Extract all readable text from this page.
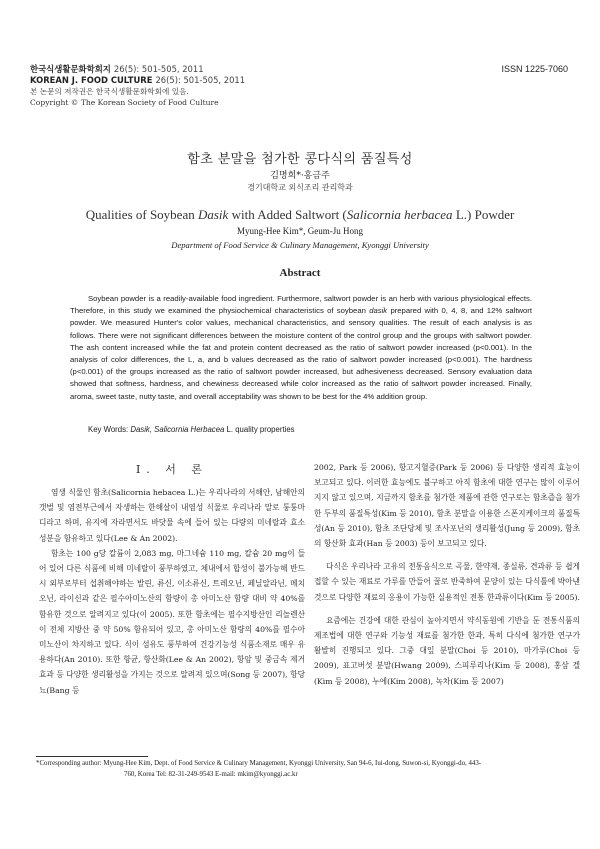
한국식생활문화학회지 26(5): 501-505, 2011
KOREAN J. FOOD CULTURE 26(5): 501-505, 2011
본 논문의 저작권은 한국식생활문화학회에 있음.
Copyright © The Korean Society of Food Culture
ISSN 1225-7060
함초 분말을 첨가한 콩다식의 품질특성
김명희*·홍금주
경기대학교 외식조리 관리학과
Qualities of Soybean Dasik with Added Saltwort (Salicornia herbacea L.) Powder
Myung-Hee Kim*, Geum-Ju Hong
Department of Food Service & Culinary Management, Kyonggi University
Abstract

Soybean powder is a readily-available food ingredient. Furthermore, saltwort powder is an herb with various physiological effects. Therefore, in this study we examined the physiochemical characteristics of soybean dasik prepared with 0, 4, 8, and 12% saltwort powder. We measured Hunter's color values, mechanical characteristics, and sensory qualities. The result of each analysis is as follows. There were not significant differences between the moisture content of the control group and the groups with saltwort powder. The ash content increased while the fat and protein content decreased as the ratio of saltwort powder increased (p<0.001). In the analysis of color differences, the L, a, and b values decreased as the ratio of saltwort powder increased (p<0.001). The hardness (p<0.001) of the groups increased as the ratio of saltwort powder increased, but adhesiveness decreased. Sensory evaluation data showed that softness, hardness, and chewiness decreased while color increased as the ratio of saltwort powder increased. Finally, aroma, sweet taste, nutty taste, and overall acceptability was shown to be best for the 4% addition group.

Key Words: Dasik, Salicornia Herbacea L. quality properties
I. 서 론

염생 식물인 함초(Salicornia hebacea L.)는 우리나라의 서해안, 남해안의 갯벌 및 염전부근에서 자생하는 한해살이 내염성 식물로 우리나라 말로 퉁퉁마디라고 하며, 유지에 자라면서도 바닷물 속에 들어 있는 다량의 미네랄과 효소 성분을 함유하고 있다(Lee & An 2002).

함초는 100 g당 칼륨이 2,083 mg, 마그네슘 110 mg, 칼슘 20 mg이 들어 있어 다른 식품에 비해 미네랄이 풍부하였고, 체내에서 합성이 불가능해 반드시 외부로부터 섭취해야하는 발린, 류신, 이소류신, 트레오닌, 페닐알라닌, 메치오닌, 라이신과 같은 필수아미노산의 함량이 총 아미노산 함량 대비 약 40%를 함유한 것으로 알려지고 있다(이 2005). 또한 함초에는 필수지방산인 리놀렌산이 전체 지방산 중 약 50% 함유되어 있고, 총 아미노산 함량의 40%를 필수아미노산이 차지하고 있다. 식이 섬유도 풍부하여 건강기능성 식품소재로 매우 유용하다(An 2010). 또한 항균, 항산화(Lee & An 2002), 항암 및 중금속 제거 효과 등 다양한 생리활성을 가지는 것으로 알려져 있으며(Song 등 2007), 항당뇨(Bang 등

2002, Park 등 2006), 항고지혈증(Park 등 2006) 등 다양한 생리적 효능이 보고되고 있다. 이러한 효능에도 불구하고 아직 함초에 대한 연구는 많이 이루어지지 않고 있으며, 지금까지 함초를 첨가한 제품에 관한 연구로는 함초즙을 첨가한 두부의 품질특성(Kim 등 2010), 함초 분말을 이용한 스폰지케이크의 품질특성(An 등 2010), 함초 조단당체 및 조사포닌의 생리활성(Jung 등 2009), 함초의 항산화 효과(Han 등 2003) 등이 보고되고 있다.

다식은 우리나라 고유의 전통음식으로 곡물, 한약재, 종실류, 견과류 등 쉽게 접할 수 있는 재료로 가루를 만들어 꿀로 반죽하여 문양이 있는 다식틀에 박아낸 것으로 다양한 재료의 응용이 가능한 실용적인 전통 한과류이다(Kim 등 2005).

요즘에는 건강에 대한 관심이 높아지면서 약식동원에 기반을 둔 전통식품의 제조법에 대한 연구와 기능성 재료를 첨가한 한과, 특히 다식에 첨가한 연구가 활발히 진행되고 있다. 그중 대잎 분말(Choi 등 2010), 마가루(Choi 등 2009), 표고버섯 분말(Hwang 2009), 스피루리나(Kim 등 2008), 홍삼 겔(Kim 등 2008), 누에(Kim 2008), 녹차(Kim 등 2007)

*Corresponding author: Myung-Hee Kim, Dept. of Food Service & Culinary Management, Kyonggi University, San 94-6, Iui-dong, Suwon-si, Kyonggi-do, 443-
760, Korea Tel: 82-31-249-9543 E-mail: mkim@kyonggi.ac.kr
